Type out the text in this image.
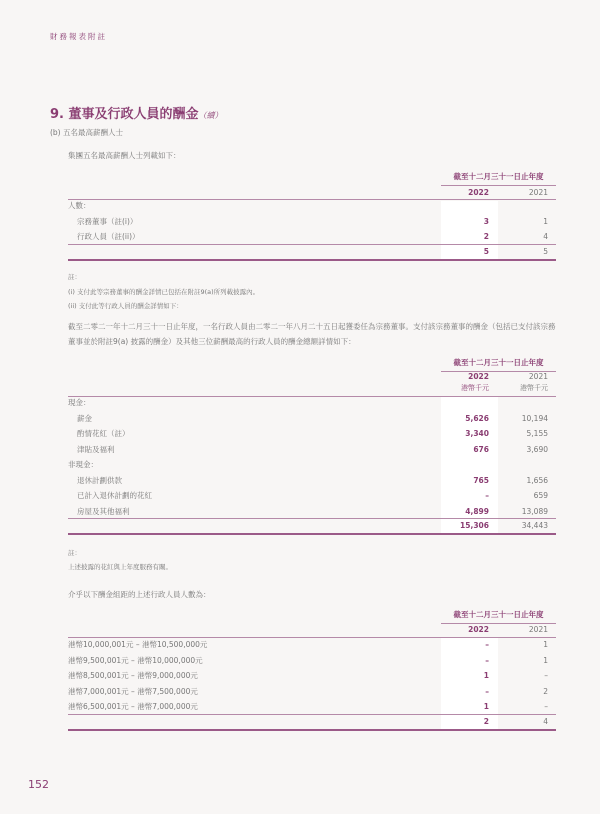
財務報表附註
9. 董事及行政人員的酬金（續）
(b) 五名最高薪酬人士
集團五名最高薪酬人士列載如下：
截至十二月三十一日止年度
2022	2021
人數：
宗務董事（註(i)）	3	1
行政人員（註(ii)）	2	4
5	5
註：
(i) 支付此等宗務董事的酬金詳情已包括在附註9(a)所列載披露內。
(ii) 支付此等行政人員的酬金詳情如下：
截至二零二一年十二月三十一日止年度，一名行政人員由二零二一年八月二十五日起獲委任為宗務董事。支付該宗務董事的酬金（包括已支付該宗務董事並於附註9(a) 披露的酬金）及其他三位薪酬最高的行政人員的酬金總額詳情如下：
截至十二月三十一日止年度
2022	2021
港幣千元	港幣千元
現金：
薪金	5,626	10,194
酌情花紅（註）	3,340	5,155
津貼及福利	676	3,690
非現金：
退休計劃供款	765	1,656
已計入退休計劃的花紅	–	659
房屋及其他福利	4,899	13,089
15,306	34,443
註：
上述披露的花紅與上年度服務有關。
介乎以下酬金組距的上述行政人員人數為：
截至十二月三十一日止年度
2022	2021
港幣10,000,001元 – 港幣10,500,000元	–	1
港幣9,500,001元 – 港幣10,000,000元	–	1
港幣8,500,001元 – 港幣9,000,000元	1	–
港幣7,000,001元 – 港幣7,500,000元	–	2
港幣6,500,001元 – 港幣7,000,000元	1	–
2	4
152
